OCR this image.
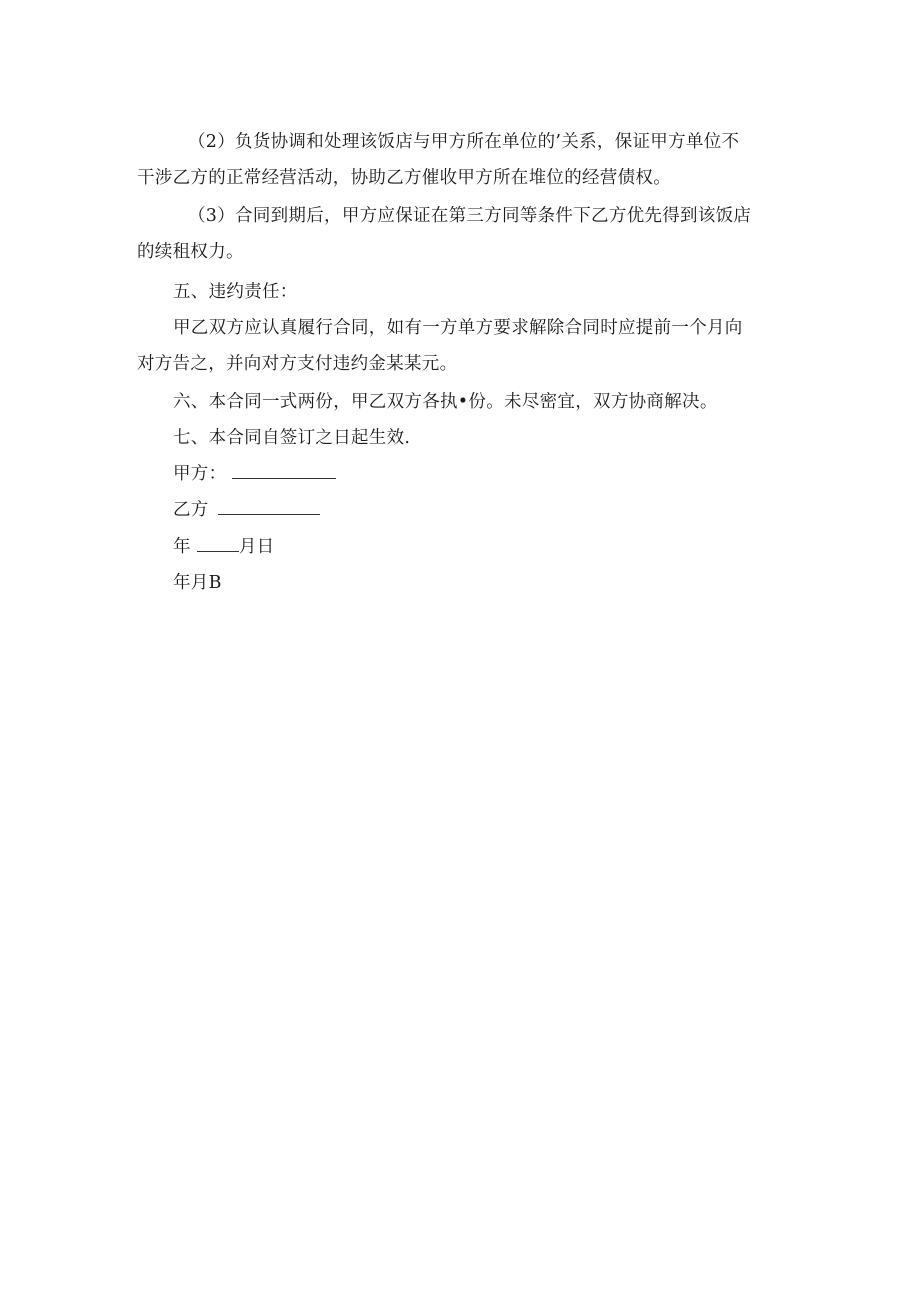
（2）负货协调和处理该饭店与甲方所在单位的’关系，保证甲方单位不
干涉乙方的正常经营活动，协助乙方催收甲方所在堆位的经营债权。
（3）合同到期后，甲方应保证在第三方同等条件下乙方优先得到该饭店
的续租权力。
五、违约责任：
甲乙双方应认真履行合同，如有一方单方要求解除合同时应提前一个月向
对方告之，并向对方支付违约金某某元。
六、本合同一式两份，甲乙双方各执•份。未尽密宜，双方协商解决。
七、本合同自签订之日起生效.
甲方：
乙方
年	月日
年月B
